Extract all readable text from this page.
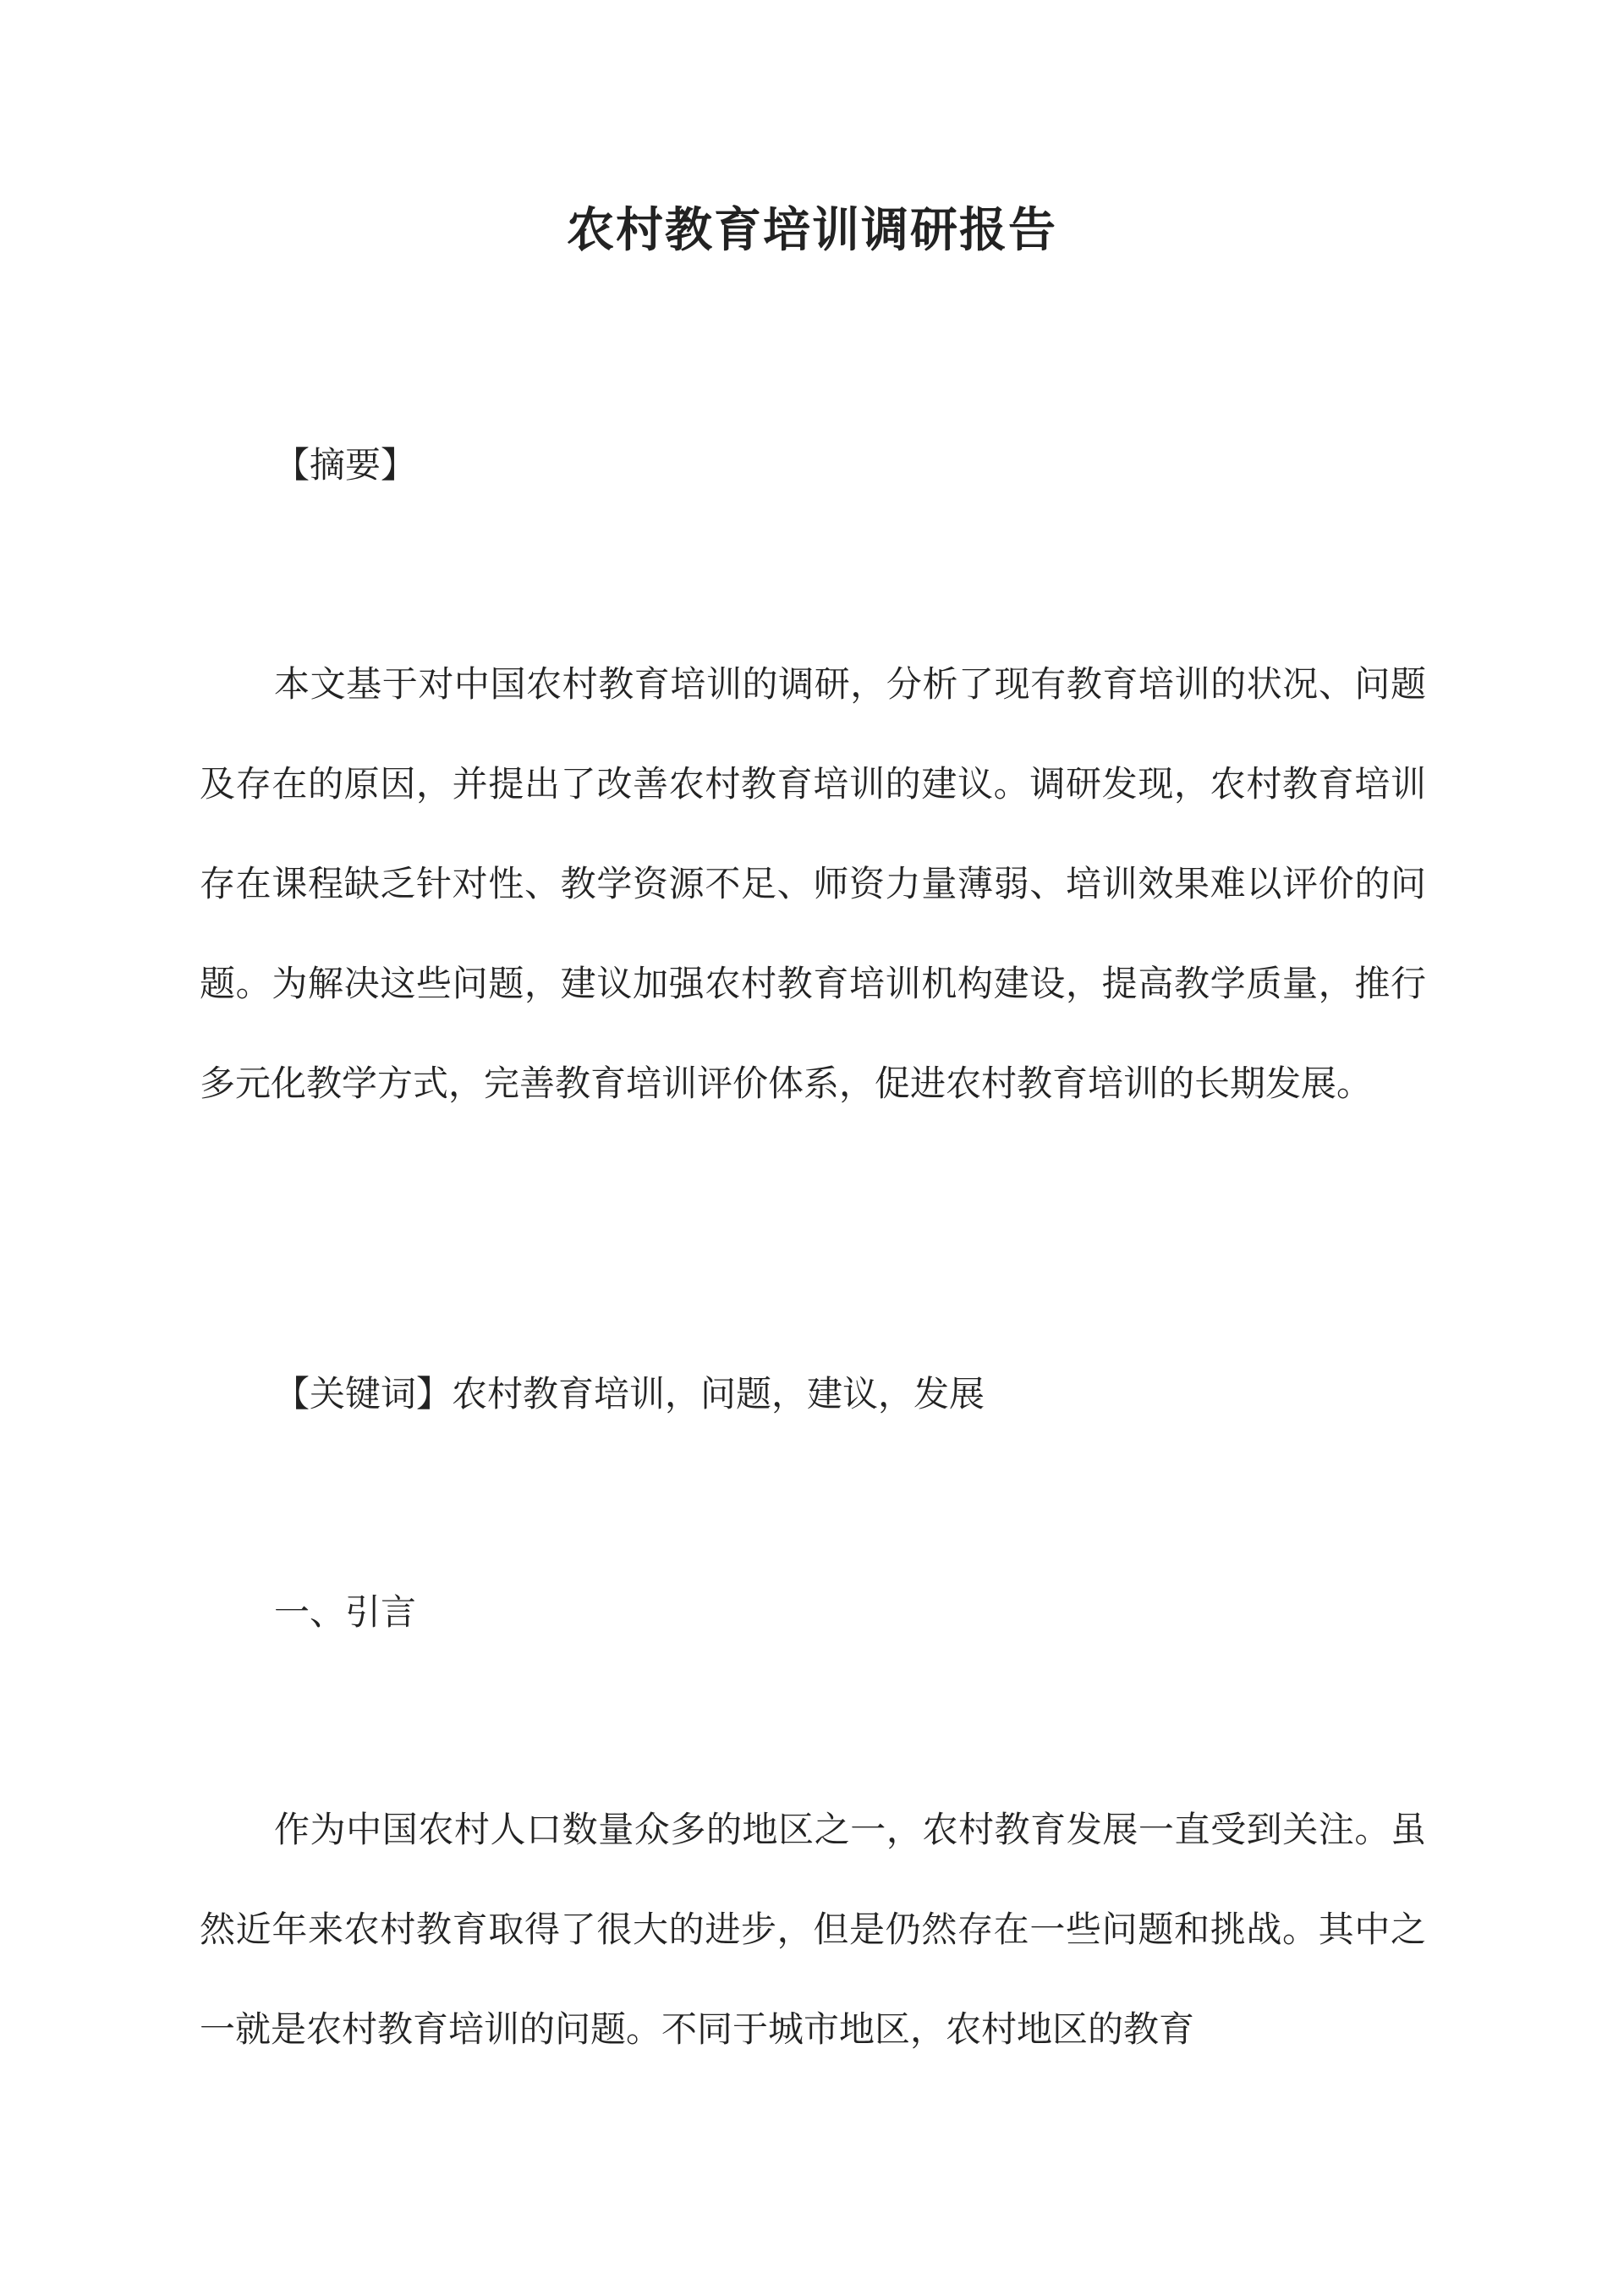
农村教育培训调研报告
【摘要】
本文基于对中国农村教育培训的调研，分析了现有教育培训的状况、问题及存在的原因，并提出了改善农村教育培训的建议。调研发现，农村教育培训存在课程缺乏针对性、教学资源不足、师资力量薄弱、培训效果难以评价的问题。为解决这些问题，建议加强农村教育培训机构建设，提高教学质量，推行多元化教学方式，完善教育培训评价体系，促进农村教育培训的长期发展。
【关键词】农村教育培训，问题，建议，发展
一、引言
作为中国农村人口数量众多的地区之一，农村教育发展一直受到关注。虽然近年来农村教育取得了很大的进步，但是仍然存在一些问题和挑战。其中之一就是农村教育培训的问题。不同于城市地区，农村地区的教育
